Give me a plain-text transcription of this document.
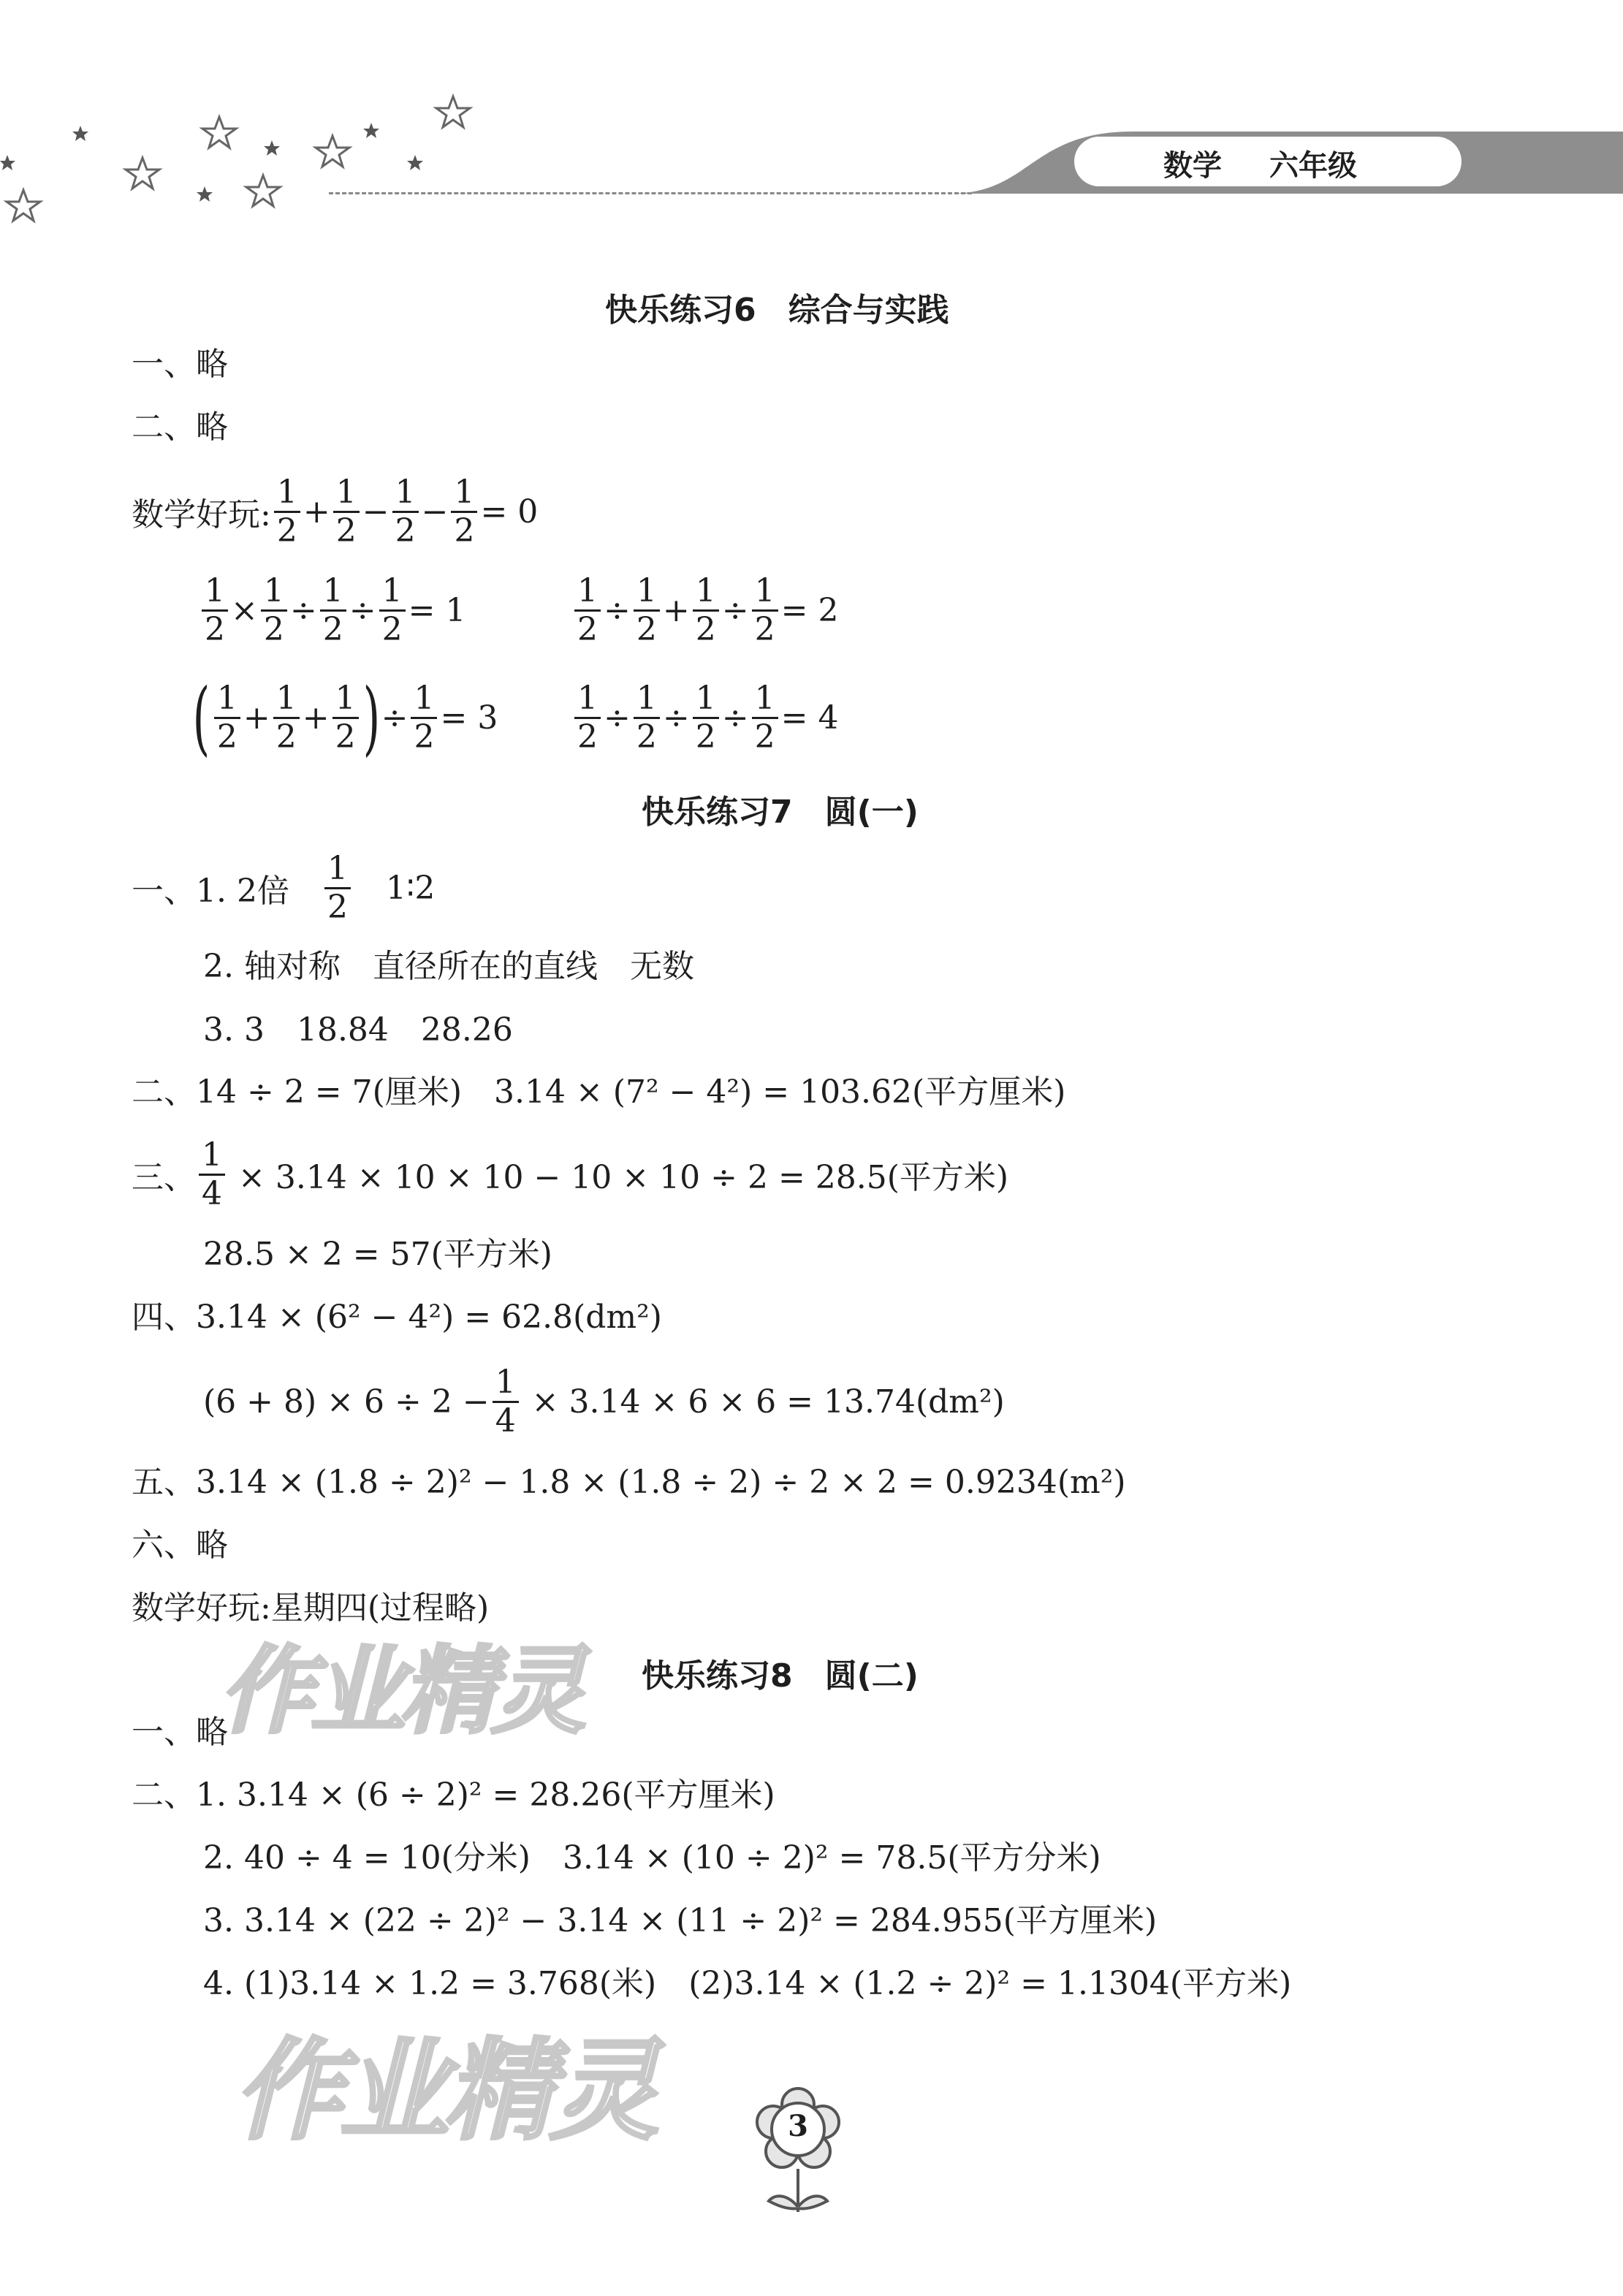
数学 六年级
快乐练习6　综合与实践
一、略
二、略
数学好玩: $\frac{1}{2} + \frac{1}{2} - \frac{1}{2} - \frac{1}{2} = 0$
$\frac{1}{2} \times \frac{1}{2} \div \frac{1}{2} \div \frac{1}{2} = 1$	$\frac{1}{2} \div \frac{1}{2} + \frac{1}{2} \div \frac{1}{2} = 2$
( $\frac{1}{2} + \frac{1}{2} + \frac{1}{2}$ ) ÷ $\frac{1}{2} = 3 \frac{1}{2} \div \frac{1}{2} \div \frac{1}{2} \div \frac{1}{2} = 4$
快乐练习7　圆(一)
一、1. 2倍
　 $\frac{1}{2}$
　 1∶2
2. 轴对称　直径所在的直线　无数
3. 3　18.84　28.26
二、14 ÷ 2 = 7(厘米)　3.14 × (7² − 4²) = 103.62(平方厘米)
三、 $\frac{1}{4} \times 3.14 \times 10 \times 10 - 10 \times 10 \div 2 = 28.5$(平方米)
28.5 × 2 = 57(平方米)
四、3.14 × (6² − 4²) = 62.8(dm²)
$(6 + 8) \times 6 \div 2 - \frac{1}{4} \times 3.14 \times 6 \times 6 = 13.74(dm^2)$
五、3.14 × (1.8 ÷ 2)² − 1.8 × (1.8 ÷ 2) ÷ 2 × 2 = 0.9234(m²)
六、略
数学好玩:星期四(过程略)
作业精灵
作业精灵
快乐练习8　圆(二)
一、略
二、1. 3.14 × (6 ÷ 2)² = 28.26(平方厘米)
2. 40 ÷ 4 = 10(分米)　3.14 × (10 ÷ 2)² = 78.5(平方分米)
3. 3.14 × (22 ÷ 2)² − 3.14 × (11 ÷ 2)² = 284.955(平方厘米)
4. (1)3.14 × 1.2 = 3.768(米)　(2)3.14 × (1.2 ÷ 2)² = 1.1304(平方米)
3
